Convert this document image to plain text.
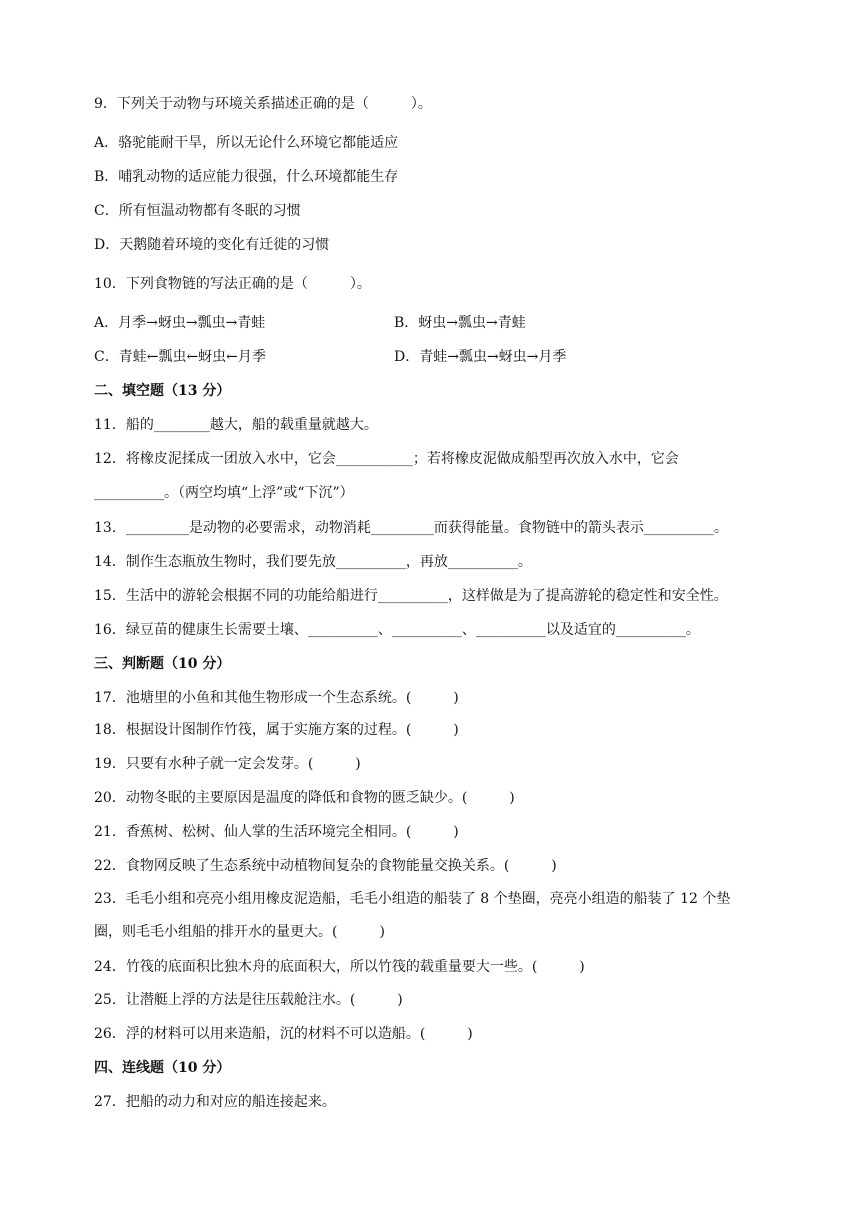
9．下列关于动物与环境关系描述正确的是（　　　）。
A．骆驼能耐干旱，所以无论什么环境它都能适应
B．哺乳动物的适应能力很强，什么环境都能生存
C．所有恒温动物都有冬眠的习惯
D．天鹅随着环境的变化有迁徙的习惯
10．下列食物链的写法正确的是（　　　）。
A．月季→蚜虫→瓢虫→青蛙	B．蚜虫→瓢虫→青蛙
C．青蛙←瓢虫←蚜虫←月季	D．青蛙→瓢虫→蚜虫→月季
二、填空题（13 分）
11．船的________越大，船的载重量就越大。
12．将橡皮泥揉成一团放入水中，它会___________；若将橡皮泥做成船型再次放入水中，它会
__________。（两空均填“上浮”或“下沉”）
13．_________是动物的必要需求，动物消耗_________而获得能量。食物链中的箭头表示__________。
14．制作生态瓶放生物时，我们要先放__________，再放__________。
15．生活中的游轮会根据不同的功能给船进行__________，这样做是为了提高游轮的稳定性和安全性。
16．绿豆苗的健康生长需要土壤、__________、__________、__________以及适宜的__________。
三、判断题（10 分）
17．池塘里的小鱼和其他生物形成一个生态系统。(　　　)
18．根据设计图制作竹筏，属于实施方案的过程。(　　　)
19．只要有水种子就一定会发芽。(　　　)
20．动物冬眠的主要原因是温度的降低和食物的匮乏缺少。(　　　)
21．香蕉树、松树、仙人掌的生活环境完全相同。(　　　)
22．食物网反映了生态系统中动植物间复杂的食物能量交换关系。(　　　)
23．毛毛小组和亮亮小组用橡皮泥造船，毛毛小组造的船装了 8 个垫圈，亮亮小组造的船装了 12 个垫
圈，则毛毛小组船的排开水的量更大。(　　　)
24．竹筏的底面积比独木舟的底面积大，所以竹筏的载重量要大一些。(　　　)
25．让潜艇上浮的方法是往压载舱注水。(　　　)
26．浮的材料可以用来造船，沉的材料不可以造船。(　　　)
四、连线题（10 分）
27．把船的动力和对应的船连接起来。
